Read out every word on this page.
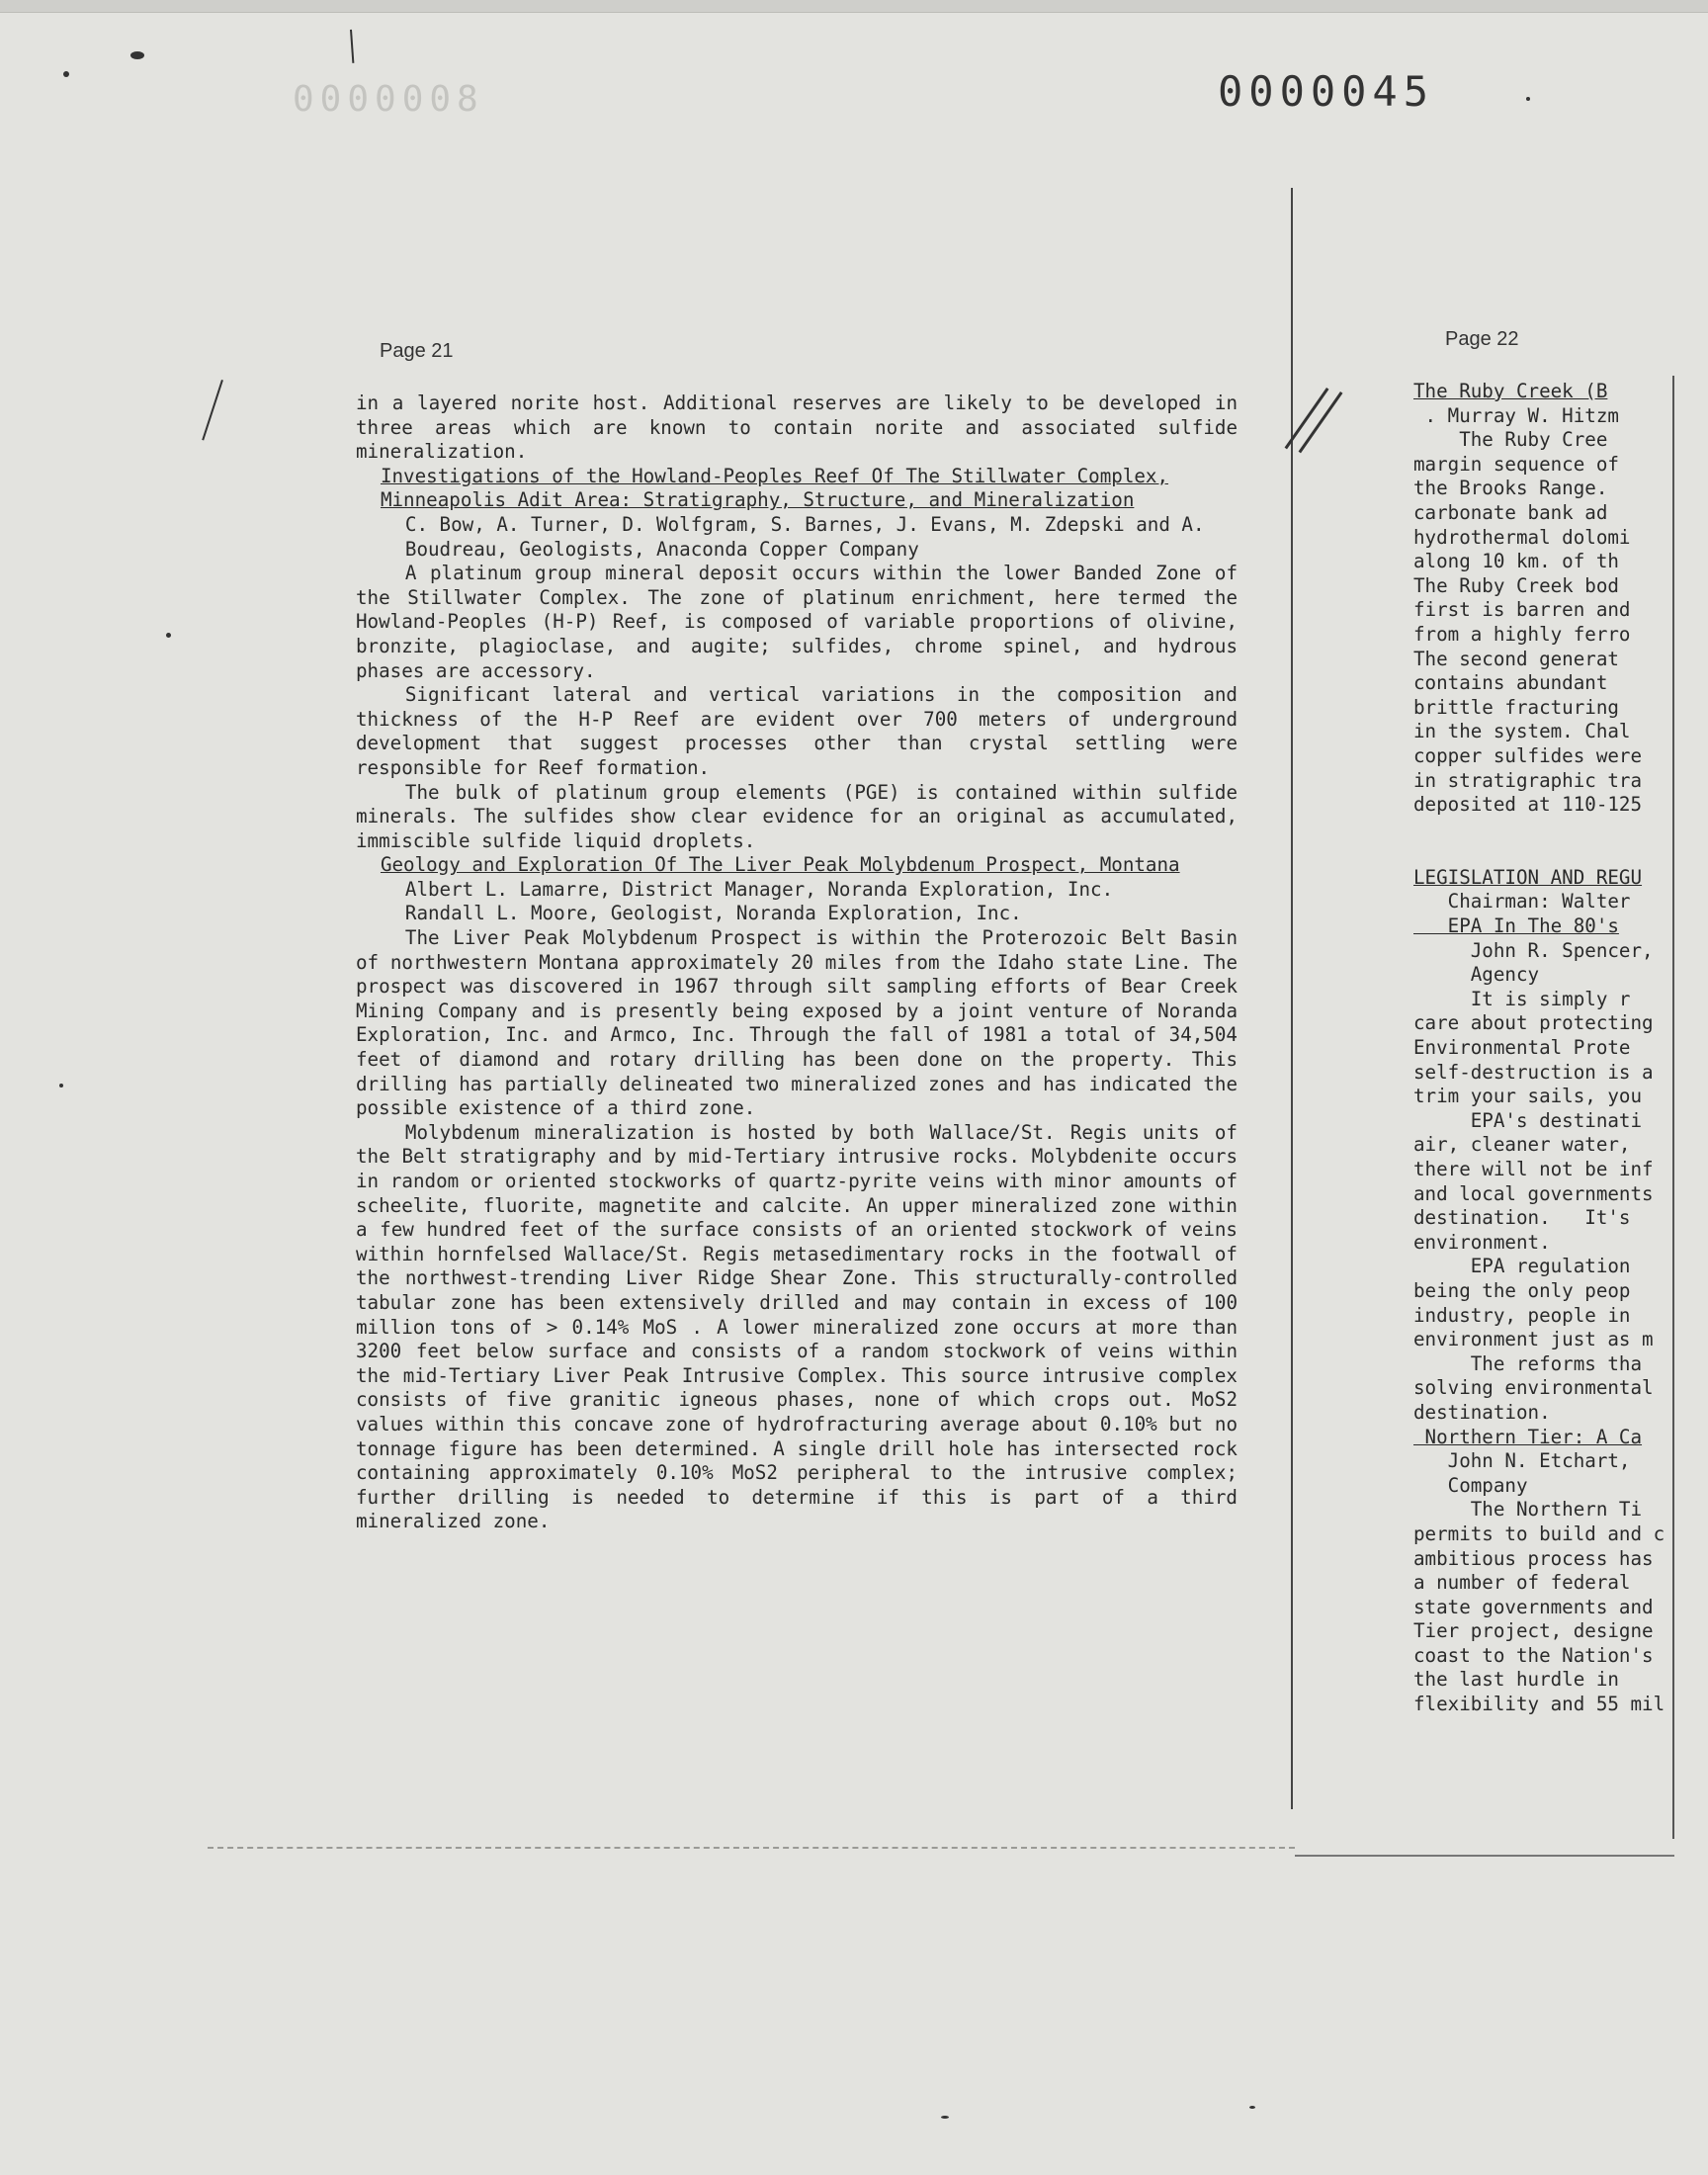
0000008	0000045
Page 21
Page 22

in a layered norite host. Additional reserves are likely to be developed in three areas which are known to contain norite and associated sulfide mineralization.

Investigations of the Howland-Peoples Reef Of The Stillwater Complex, Minneapolis Adit Area: Stratigraphy, Structure, and Mineralization

C. Bow, A. Turner, D. Wolfgram, S. Barnes, J. Evans, M. Zdepski and A. Boudreau, Geologists, Anaconda Copper Company

A platinum group mineral deposit occurs within the lower Banded Zone of the Stillwater Complex. The zone of platinum enrichment, here termed the Howland-Peoples (H-P) Reef, is composed of variable proportions of olivine, bronzite, plagioclase, and augite; sulfides, chrome spinel, and hydrous phases are accessory.

Significant lateral and vertical variations in the composition and thickness of the H-P Reef are evident over 700 meters of underground development that suggest processes other than crystal settling were responsible for Reef formation.

The bulk of platinum group elements (PGE) is contained within sulfide minerals. The sulfides show clear evidence for an original as accumulated, immiscible sulfide liquid droplets.

Geology and Exploration Of The Liver Peak Molybdenum Prospect, Montana

Albert L. Lamarre, District Manager, Noranda Exploration, Inc.

Randall L. Moore, Geologist, Noranda Exploration, Inc.

The Liver Peak Molybdenum Prospect is within the Proterozoic Belt Basin of northwestern Montana approximately 20 miles from the Idaho state Line. The prospect was discovered in 1967 through silt sampling efforts of Bear Creek Mining Company and is presently being exposed by a joint venture of Noranda Exploration, Inc. and Armco, Inc. Through the fall of 1981 a total of 34,504 feet of diamond and rotary drilling has been done on the property. This drilling has partially delineated two mineralized zones and has indicated the possible existence of a third zone.

Molybdenum mineralization is hosted by both Wallace/St. Regis units of the Belt stratigraphy and by mid-Tertiary intrusive rocks. Molybdenite occurs in random or oriented stockworks of quartz-pyrite veins with minor amounts of scheelite, fluorite, magnetite and calcite. An upper mineralized zone within a few hundred feet of the surface consists of an oriented stockwork of veins within hornfelsed Wallace/St. Regis metasedimentary rocks in the footwall of the northwest-trending Liver Ridge Shear Zone. This structurally-controlled tabular zone has been extensively drilled and may contain in excess of 100 million tons of > 0.14% MoS . A lower mineralized zone occurs at more than 3200 feet below surface and consists of a random stockwork of veins within the mid-Tertiary Liver Peak Intrusive Complex. This source intrusive complex consists of five granitic igneous phases, none of which crops out. MoS2 values within this concave zone of hydrofracturing average about 0.10% but no tonnage figure has been determined. A single drill hole has intersected rock containing approximately 0.10% MoS2 peripheral to the intrusive complex; further drilling is needed to determine if this is part of a third mineralized zone.

The Ruby Creek (B
. Murray W. Hitzm
The Ruby Cree
margin sequence of
the Brooks Range.
carbonate bank ad
hydrothermal dolomi
along 10 km. of th
The Ruby Creek bod
first is barren and
from a highly ferro
The second generat
contains abundant
brittle fracturing
in the system. Chal
copper sulfides were
in stratigraphic tra
deposited at 110-125

LEGISLATION AND REGU
Chairman: Walter
EPA In The 80's
John R. Spencer,
Agency
It is simply r
care about protecting
Environmental Prote
self-destruction is a
trim your sails, you
EPA's destinati
air, cleaner water,
there will not be inf
and local governments
destination.   It's
environment.
EPA regulation
being the only peop
industry, people in
environment just as m
The reforms tha
solving environmental
destination.
Northern Tier: A Ca
John N. Etchart,
Company
The Northern Ti
permits to build and c
ambitious process has
a number of federal
state governments and
Tier project, designe
coast to the Nation's
the last hurdle in
flexibility and 55 mil
